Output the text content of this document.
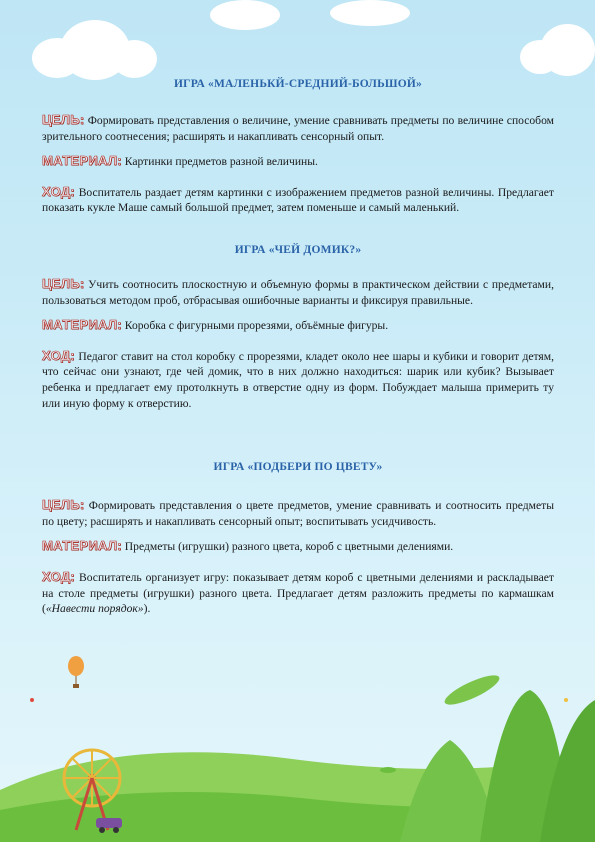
ИГРА «МАЛЕНЬКЙ-СРЕДНИЙ-БОЛЬШОЙ»

ЦЕЛЬ: Формировать представления о величине, умение сравнивать предметы по величине способом зрительного соотнесения; расширять и накапливать сенсорный опыт.

МАТЕРИАЛ: Картинки предметов разной величины.

ХОД: Воспитатель раздает детям картинки с изображением предметов разной величины. Предлагает показать кукле Маше самый большой предмет, затем поменьше и самый маленький.

ИГРА «ЧЕЙ ДОМИК?»

ЦЕЛЬ: Учить соотносить плоскостную и объемную формы в практическом действии с предметами, пользоваться методом проб, отбрасывая ошибочные варианты и фиксируя правильные.

МАТЕРИАЛ: Коробка с фигурными прорезями, объёмные фигуры.

ХОД: Педагог ставит на стол коробку с прорезями, кладет около нее шары и кубики и говорит детям, что сейчас они узнают, где чей домик, что в них должно находиться: шарик или кубик? Вызывает ребенка и предлагает ему протолкнуть в отверстие одну из форм. Побуждает малыша примерить ту или иную форму к отверстию.

ИГРА «ПОДБЕРИ ПО ЦВЕТУ»

ЦЕЛЬ: Формировать представления о цвете предметов, умение сравнивать и соотносить предметы по цвету; расширять и накапливать сенсорный опыт; воспитывать усидчивость.

МАТЕРИАЛ: Предметы (игрушки) разного цвета, короб с цветными делениями.

ХОД: Воспитатель организует игру: показывает детям короб с цветными делениями и раскладывает на столе предметы (игрушки) разного цвета. Предлагает детям разложить предметы по кармашкам («Навести порядок»).
